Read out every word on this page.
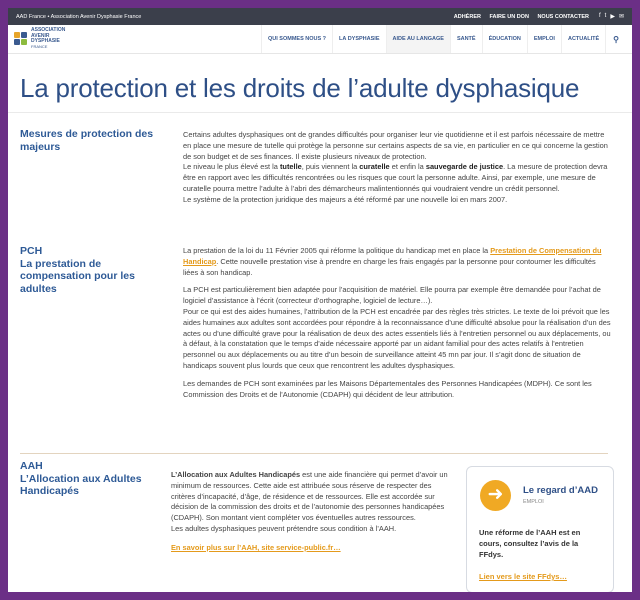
AAD France • Association Avenir Dysphasie France	ADHÉRER FAIRE UN DON NOUS CONTACTER f t ▶ ✉
ASSOCIATION
AVENIR
DYSPHASIE
FRANCE
QUI SOMMES NOUS ?	LA DYSPHASIE	AIDE AU LANGAGE	SANTÉ	ÉDUCATION	EMPLOI	ACTUALITÉ	⚲
La protection et les droits de l’adulte dysphasique
Mesures de protection des majeurs

Certains adultes dysphasiques ont de grandes difficultés pour organiser leur vie quotidienne et il est parfois nécessaire de mettre en place une mesure de tutelle qui protège la personne sur certains aspects de sa vie, en particulier en ce qui concerne la gestion de son budget et de ses finances. Il existe plusieurs niveaux de protection.

Le niveau le plus élevé est la tutelle, puis viennent la curatelle et enfin la sauvegarde de justice. La mesure de protection devra être en rapport avec les difficultés rencontrées ou les risques que court la personne adulte. Ainsi, par exemple, une mesure de curatelle pourra mettre l’adulte à l’abri des démarcheurs malintentionnés qui voudraient vendre un crédit personnel.

Le système de la protection juridique des majeurs a été réformé par une nouvelle loi en mars 2007.

PCH
La prestation de compensation pour les adultes

La prestation de la loi du 11 Février 2005 qui réforme la politique du handicap met en place la Prestation de Compensation du Handicap. Cette nouvelle prestation vise à prendre en charge les frais engagés par la personne pour contourner les difficultés liées à son handicap.

La PCH est particulièrement bien adaptée pour l’acquisition de matériel. Elle pourra par exemple être demandée pour l’achat de logiciel d’assistance à l’écrit (correcteur d’orthographe, logiciel de lecture…).

Pour ce qui est des aides humaines, l’attribution de la PCH est encadrée par des règles très strictes. Le texte de loi prévoit que les aides humaines aux adultes sont accordées pour répondre à la reconnaissance d’une difficulté absolue pour la réalisation d’un des actes ou d’une difficulté grave pour la réalisation de deux des actes essentiels liés à l’entretien personnel ou aux déplacements, ou à défaut, à la constatation que le temps d’aide nécessaire apporté par un aidant familial pour des actes relatifs à l’entretien personnel ou aux déplacements ou au titre d’un besoin de surveillance atteint 45 mn par jour. Il s’agit donc de situation de handicaps souvent plus lourds que ceux que rencontrent les adultes dysphasiques.

Les demandes de PCH sont examinées par les Maisons Départementales des Personnes Handicapées (MDPH). Ce sont les Commission des Droits et de l’Autonomie (CDAPH) qui décident de leur attribution.

AAH
L’Allocation aux Adultes Handicapés

L’Allocation aux Adultes Handicapés est une aide financière qui permet d’avoir un minimum de ressources. Cette aide est attribuée sous réserve de respecter des critères d’incapacité, d’âge, de résidence et de ressources. Elle est accordée sur décision de la commission des droits et de l’autonomie des personnes handicapées (CDAPH). Son montant vient compléter vos éventuelles autres ressources.

Les adultes dysphasiques peuvent prétendre sous condition à l’AAH.

En savoir plus sur l’AAH, site service-public.fr…

➜	Le regard d’AAD
EMPLOI
Une réforme de l’AAH est en cours, consultez l’avis de la FFdys.
Lien vers le site FFdys…
